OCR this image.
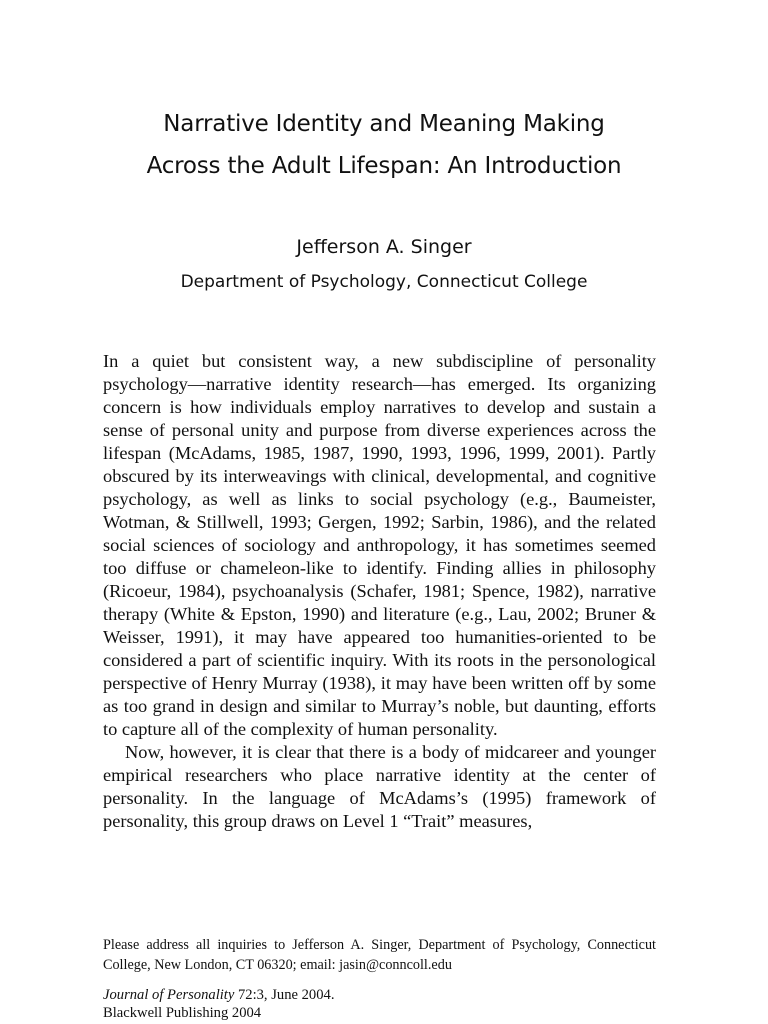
Narrative Identity and Meaning Making
Across the Adult Lifespan: An Introduction

Jefferson A. Singer

Department of Psychology, Connecticut College

In a quiet but consistent way, a new subdiscipline of personality psychology—narrative identity research—has emerged. Its organizing concern is how individuals employ narratives to develop and sustain a sense of personal unity and purpose from diverse experiences across the lifespan (McAdams, 1985, 1987, 1990, 1993, 1996, 1999, 2001). Partly obscured by its interweavings with clinical, developmental, and cognitive psychology, as well as links to social psychology (e.g., Baumeister, Wotman, & Stillwell, 1993; Gergen, 1992; Sarbin, 1986), and the related social sciences of sociology and anthropology, it has sometimes seemed too diffuse or chameleon-like to identify. Finding allies in philosophy (Ricoeur, 1984), psychoanalysis (Schafer, 1981; Spence, 1982), narrative therapy (White & Epston, 1990) and literature (e.g., Lau, 2002; Bruner & Weisser, 1991), it may have appeared too humanities-oriented to be considered a part of scientific inquiry. With its roots in the personological perspective of Henry Murray (1938), it may have been written off by some as too grand in design and similar to Murray’s noble, but daunting, efforts to capture all of the complexity of human personality.

Now, however, it is clear that there is a body of midcareer and younger empirical researchers who place narrative identity at the center of personality. In the language of McAdams’s (1995) framework of personality, this group draws on Level 1 “Trait” measures,

Please address all inquiries to Jefferson A. Singer, Department of Psychology, Connecticut College, New London, CT 06320; email: jasin@conncoll.edu

Journal of Personality 72:3, June 2004.
Blackwell Publishing 2004
